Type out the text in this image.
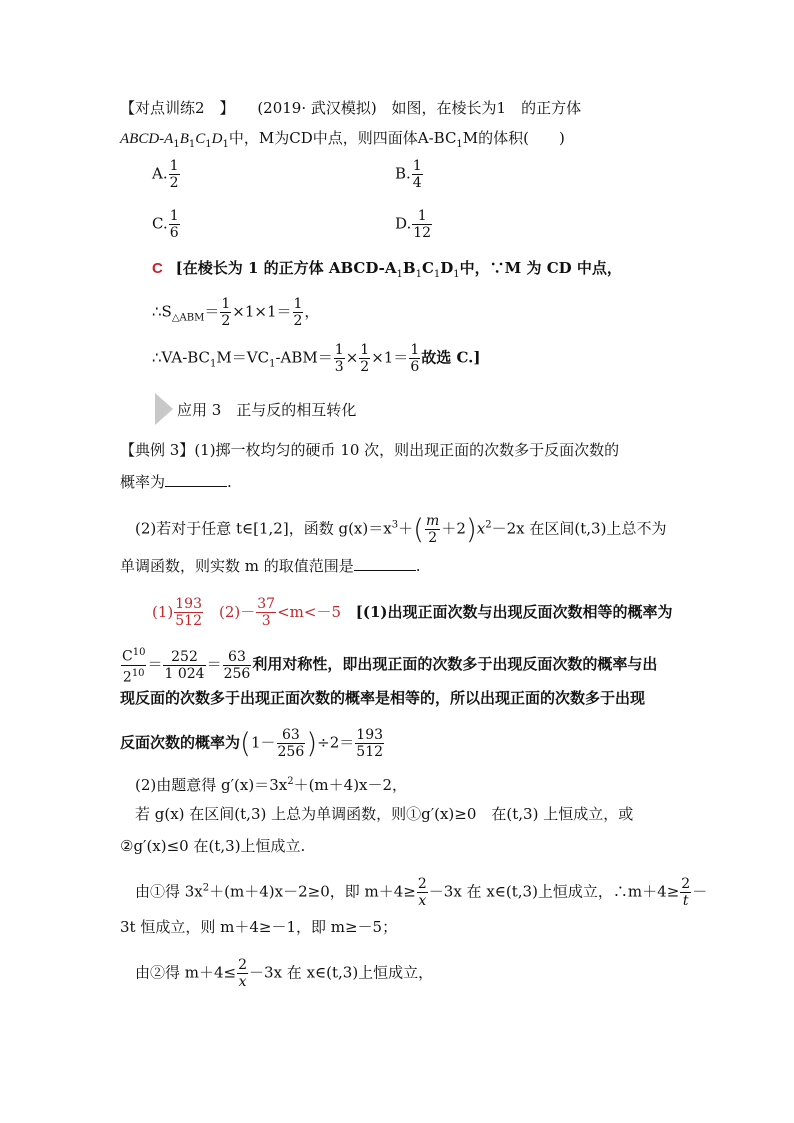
【对点训练2　】 (2019· 武汉模拟) 如图，在棱长为1　的正方体
ABCD-$A_1B_1C_1D_1$中，M为CD中点，则四面体$A-BC_1M$的体积(　　)
A. $\frac{1}{2}$	B. $\frac{1}{4}$
C. $\frac{1}{6}$	D. $\frac{1}{12}$
C [在棱长为 1 的正方体 ABCD-$A_1B_1C_1D_1$中，∵M 为 CD 中点，
$\therefore S_{\triangle ABM}= \frac{1}{2} \times 1\times 1= \frac{1}{2}$ ，
$\therefore VA-BC_1M=VC_1-ABM= \frac{1}{3} \times \frac{1}{2} \times 1= \frac{1}{6}$ 故选 C.]
应用 3　正与反的相互转化
【典例 3】(1)掷一枚均匀的硬币 10 次，则出现正面的次数多于反面次数的
概率为	.
(2)若对于任意 t∈[1,2]，函数 $g(x)=x^3+( \frac{m}{2} +2)x^2-2x$ 在区间(t,3)上总不为
单调函数，则实数 m 的取值范围是	.
$(1) \frac{193}{512}$
　 $(2)- \frac{37}{3} <m<-5$ [(1)出现正面次数与出现反面次数相等的概率为
$\frac{C^{10}}{2^{10}} = \frac{252}{1 024} = \frac{63}{256}$ 利用对称性，即出现正面的次数多于出现反面次数的概率与出
现反面的次数多于出现正面次数的概率是相等的，所以出现正面的次数多于出现
反面次数的概率为$(1- \frac{63}{256} )\div 2= \frac{193}{512}$
(2)由题意得 $g'(x)=3x^2+(m+4)x-2$，
若 g(x) 在区间(t,3) 上总为单调函数，则①g′(x)≥0　在(t,3) 上恒成立，或
②g′(x)≤0 在(t,3)上恒成立.
由①得 $3x^2+(m+4)x-2\ge 0$，即 $m+4\ge \frac{2}{x} -3x$ 在 x∈(t,3)上恒成立，∴m＋4≥ $\frac{2}{t}$ －
3t 恒成立，则 m＋4≥－1，即 m≥－5；
由②得 $m+4\le \frac{2}{x} -3x$ 在 x∈(t,3)上恒成立，
